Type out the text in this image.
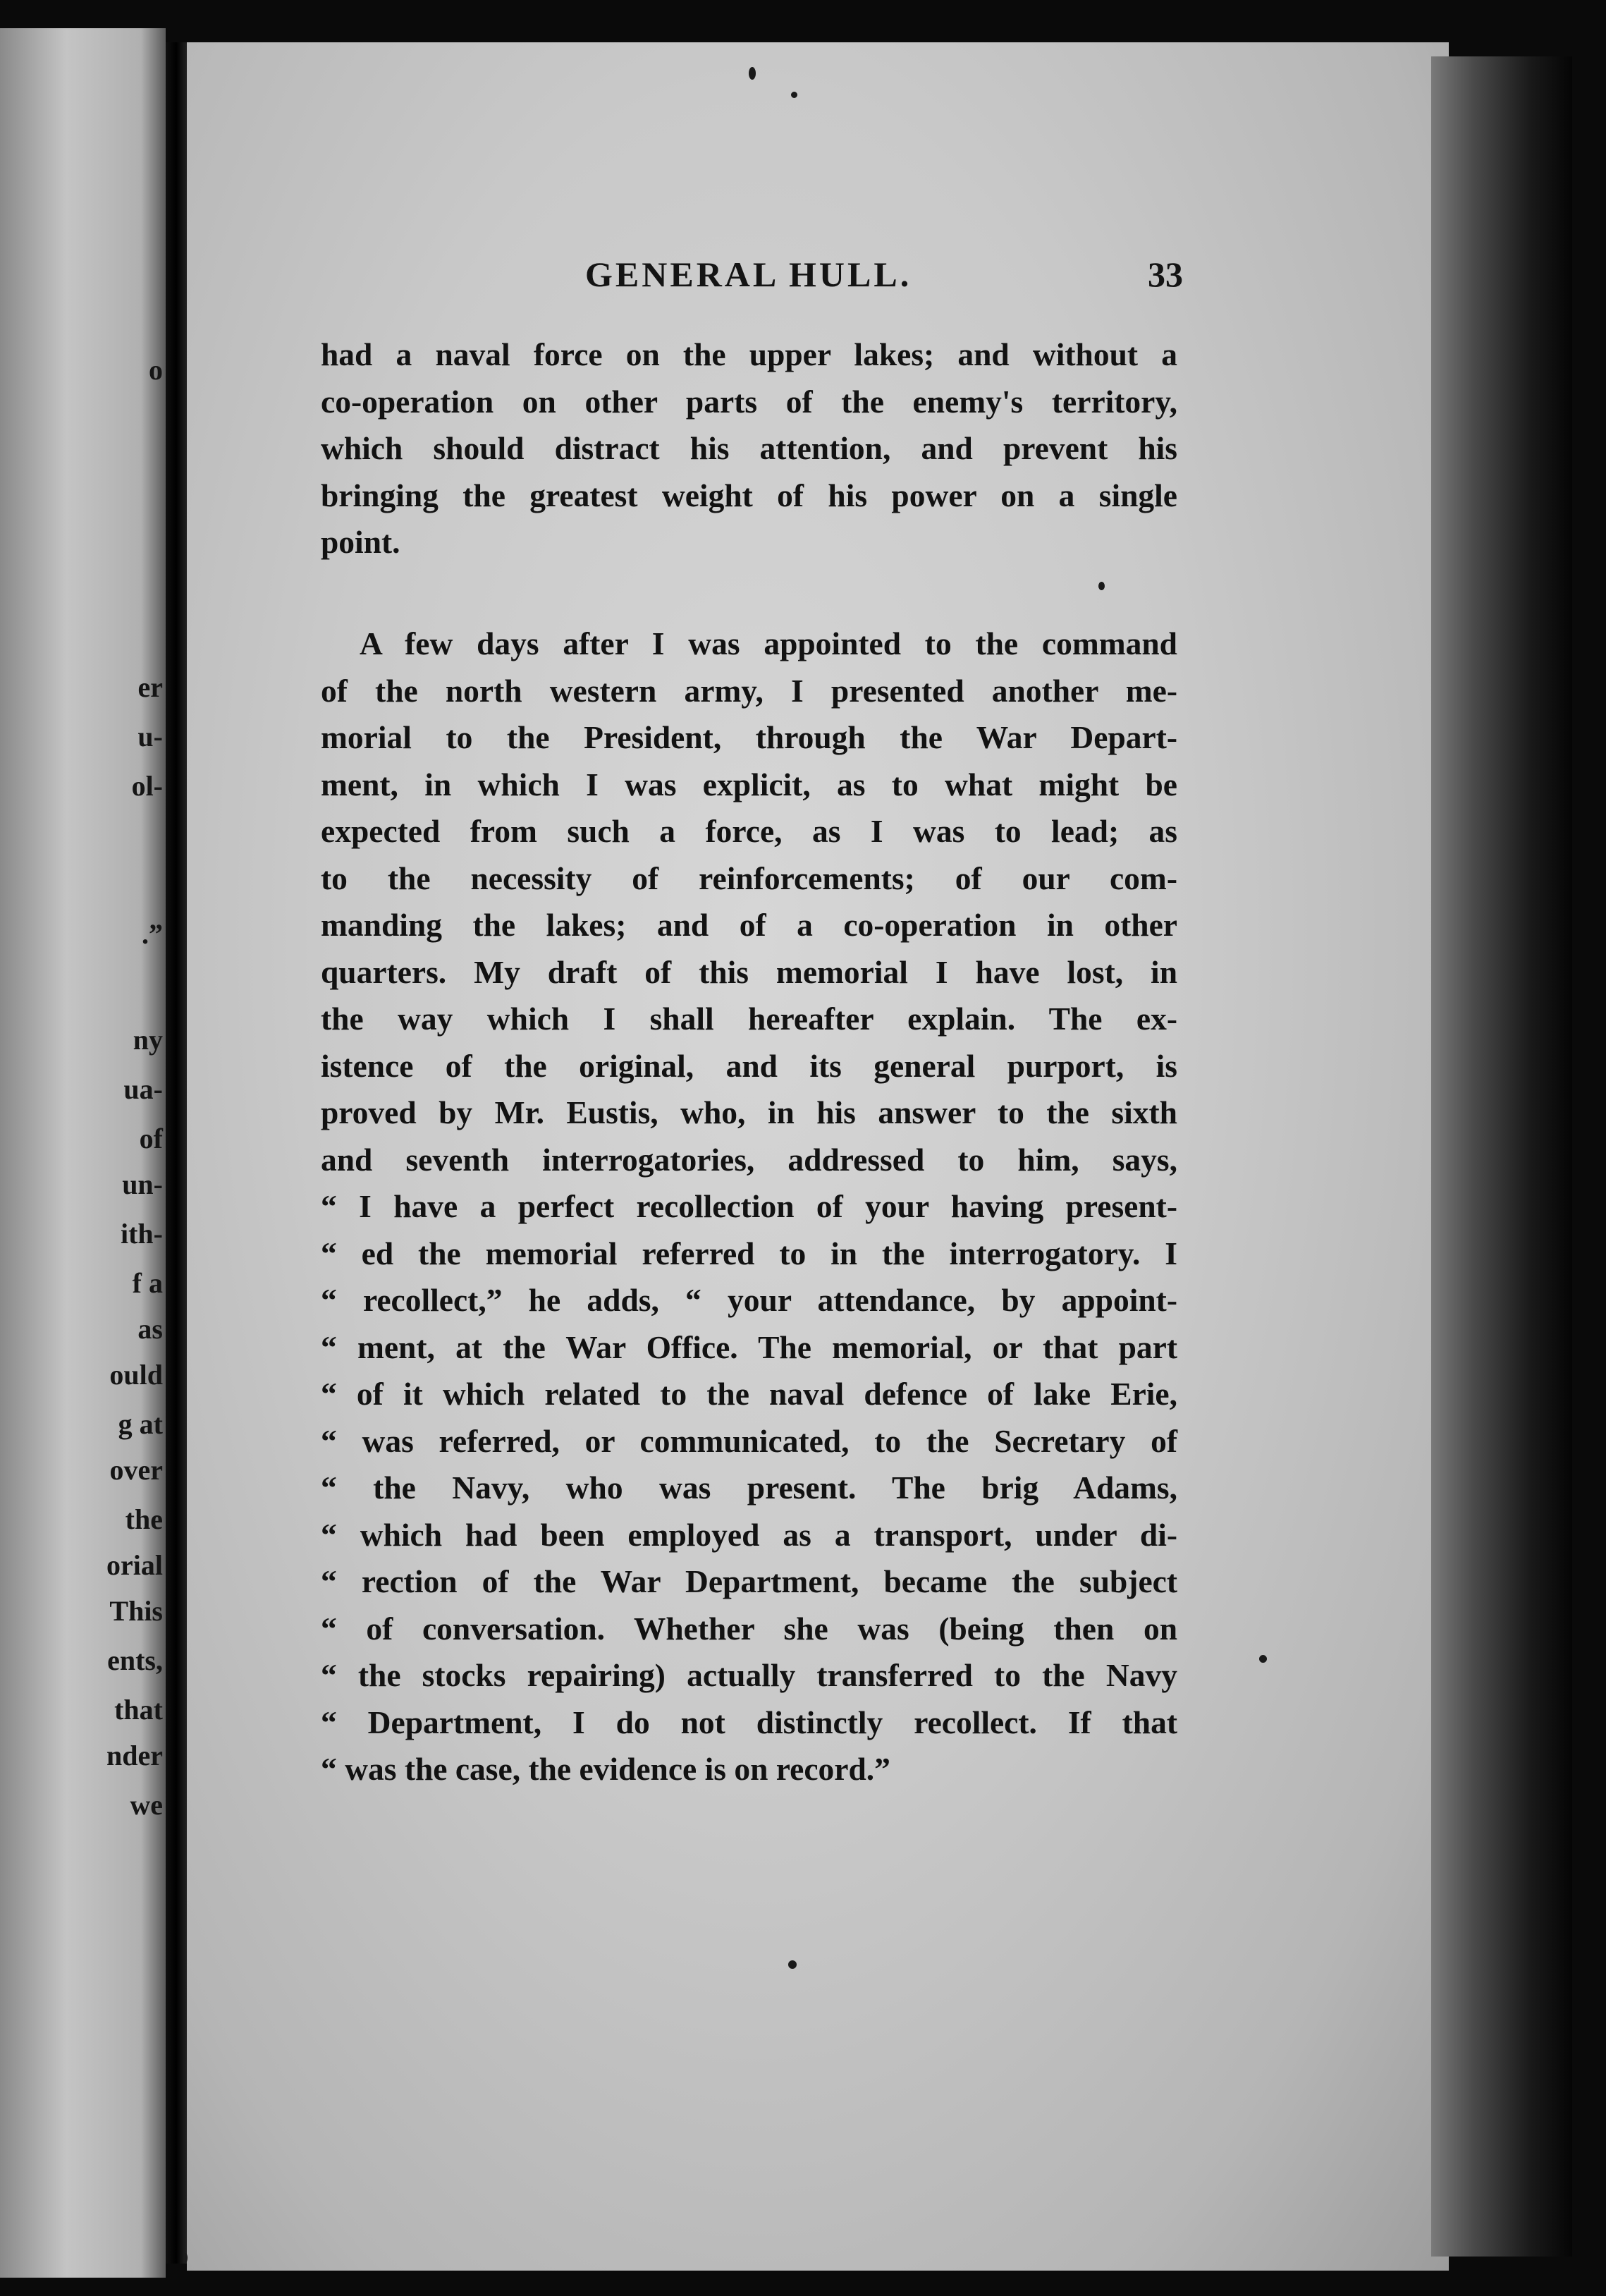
o
er
u-
ol-
.”
ny
ua-
of
un-
ith-
f a
as
ould
g at
over
the
orial
This
ents,
that
nder
we
GENERAL HULL.	33
had a naval force on the upper lakes; and without a
co-operation on other parts of the enemy's territory,
which should distract his attention, and prevent his
bringing the greatest weight of his power on a single
point.
A few days after I was appointed to the command
of the north western army, I presented another me-
morial to the President, through the War Depart-
ment, in which I was explicit, as to what might be
expected from such a force, as I was to lead; as
to the necessity of reinforcements; of our com-
manding the lakes; and of a co-operation in other
quarters. My draft of this memorial I have lost, in
the way which I shall hereafter explain. The ex-
istence of the original, and its general purport, is
proved by Mr. Eustis, who, in his answer to the sixth
and seventh interrogatories, addressed to him, says,
“ I have a perfect recollection of your having present-
“ ed the memorial referred to in the interrogatory. I
“ recollect,” he adds, “ your attendance, by appoint-
“ ment, at the War Office. The memorial, or that part
“ of it which related to the naval defence of lake Erie,
“ was referred, or communicated, to the Secretary of
“ the Navy, who was present. The brig Adams,
“ which had been employed as a transport, under di-
“ rection of the War Department, became the subject
“ of conversation. Whether she was (being then on
“ the stocks repairing) actually transferred to the Navy
“ Department, I do not distinctly recollect. If that
“ was the case, the evidence is on record.”
